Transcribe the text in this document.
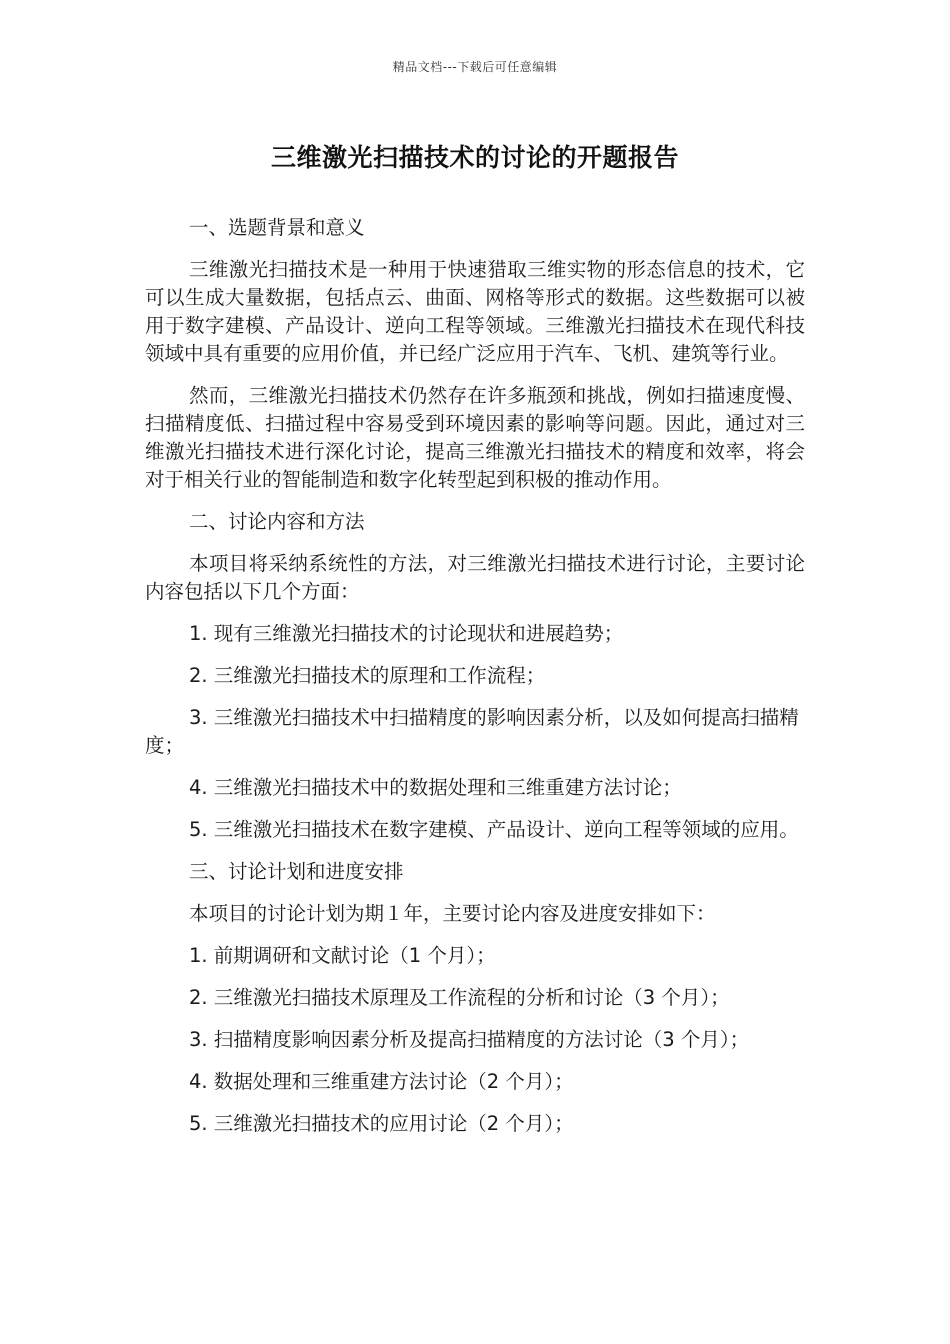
精品文档---下载后可任意编辑
三维激光扫描技术的讨论的开题报告
一、选题背景和意义
三维激光扫描技术是一种用于快速猎取三维实物的形态信息的技术，它可以生成大量数据，包括点云、曲面、网格等形式的数据。这些数据可以被用于数字建模、产品设计、逆向工程等领域。三维激光扫描技术在现代科技领域中具有重要的应用价值，并已经广泛应用于汽车、飞机、建筑等行业。
然而，三维激光扫描技术仍然存在许多瓶颈和挑战，例如扫描速度慢、扫描精度低、扫描过程中容易受到环境因素的影响等问题。因此，通过对三维激光扫描技术进行深化讨论，提高三维激光扫描技术的精度和效率，将会对于相关行业的智能制造和数字化转型起到积极的推动作用。
二、讨论内容和方法
本项目将采纳系统性的方法，对三维激光扫描技术进行讨论，主要讨论内容包括以下几个方面：
1. 现有三维激光扫描技术的讨论现状和进展趋势；
2. 三维激光扫描技术的原理和工作流程；
3. 三维激光扫描技术中扫描精度的影响因素分析，以及如何提高扫描精度；
4. 三维激光扫描技术中的数据处理和三维重建方法讨论；
5. 三维激光扫描技术在数字建模、产品设计、逆向工程等领域的应用。
三、讨论计划和进度安排
本项目的讨论计划为期１年，主要讨论内容及进度安排如下：
1. 前期调研和文献讨论（1 个月）；
2. 三维激光扫描技术原理及工作流程的分析和讨论（3 个月）；
3. 扫描精度影响因素分析及提高扫描精度的方法讨论（3 个月）；
4. 数据处理和三维重建方法讨论（2 个月）；
5. 三维激光扫描技术的应用讨论（2 个月）；
